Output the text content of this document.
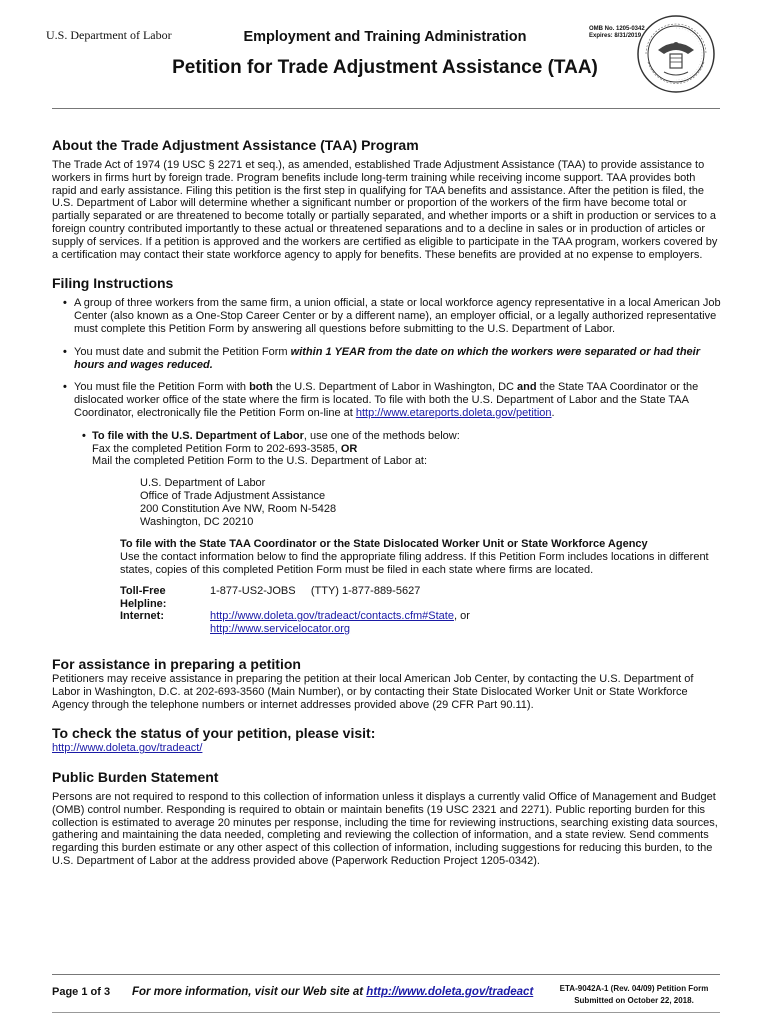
U.S. Department of Labor	Employment and Training Administration	OMB No. 1205-0342
Expires: 8/31/2019
Petition for Trade Adjustment Assistance (TAA)
About the Trade Adjustment Assistance (TAA) Program

The Trade Act of 1974 (19 USC § 2271 et seq.), as amended, established Trade Adjustment Assistance (TAA) to provide assistance to workers in firms hurt by foreign trade. Program benefits include long-term training while receiving income support. TAA provides both rapid and early assistance. Filing this petition is the first step in qualifying for TAA benefits and assistance. After the petition is filed, the U.S. Department of Labor will determine whether a significant number or proportion of the workers of the firm have become total or partially separated or are threatened to become totally or partially separated, and whether imports or a shift in production or services to a foreign country contributed importantly to these actual or threatened separations and to a decline in sales or in production of articles or supply of services. If a petition is approved and the workers are certified as eligible to participate in the TAA program, workers covered by a certification may contact their state workforce agency to apply for benefits. These benefits are provided at no expense to employers.

Filing Instructions
• A group of three workers from the same firm, a union official, a state or local workforce agency representative in a local American Job Center (also known as a One-Stop Career Center or by a different name), an employer official, or a legally authorized representative must complete this Petition Form by answering all questions before submitting to the U.S. Department of Labor.
• You must date and submit the Petition Form within 1 YEAR from the date on which the workers were separated or had their hours and wages reduced.
• You must file the Petition Form with both the U.S. Department of Labor in Washington, DC and the State TAA Coordinator or the dislocated worker office of the state where the firm is located. To file with both the U.S. Department of Labor and the State TAA Coordinator, electronically file the Petition Form on-line at http://www.etareports.doleta.gov/petition.
• To file with the U.S. Department of Labor, use one of the methods below:
Fax the completed Petition Form to 202-693-3585, OR
Mail the completed Petition Form to the U.S. Department of Labor at:
U.S. Department of Labor
Office of Trade Adjustment Assistance
200 Constitution Ave NW, Room N-5428
Washington, DC 20210
To file with the State TAA Coordinator or the State Dislocated Worker Unit or State Workforce Agency

Use the contact information below to find the appropriate filing address. If this Petition Form includes locations in different states, copies of this completed Petition Form must be filed in each state where firms are located.

Toll-Free Helpline:
1-877-US2-JOBS     (TTY) 1-877-889-5627
Internet:	http://www.doleta.gov/tradeact/contacts.cfm#State, or
http://www.servicelocator.org
For assistance in preparing a petition

Petitioners may receive assistance in preparing the petition at their local American Job Center, by contacting the U.S. Department of Labor in Washington, D.C. at 202-693-3560 (Main Number), or by contacting their State Dislocated Worker Unit or State Workforce Agency through the telephone numbers or internet addresses provided above (29 CFR Part 90.11).

To check the status of your petition, please visit:
http://www.doleta.gov/tradeact/
Public Burden Statement

Persons are not required to respond to this collection of information unless it displays a currently valid Office of Management and Budget (OMB) control number. Responding is required to obtain or maintain benefits (19 USC 2321 and 2271). Public reporting burden for this collection is estimated to average 20 minutes per response, including the time for reviewing instructions, searching existing data sources, gathering and maintaining the data needed, completing and reviewing the collection of information, and a state review. Send comments regarding this burden estimate or any other aspect of this collection of information, including suggestions for reducing this burden, to the U.S. Department of Labor at the address provided above (Paperwork Reduction Project 1205-0342).

Page 1 of 3 For more information, visit our Web site at http://www.doleta.gov/tradeact	ETA-9042A-1 (Rev. 04/09) Petition Form
Submitted on October 22, 2018.
